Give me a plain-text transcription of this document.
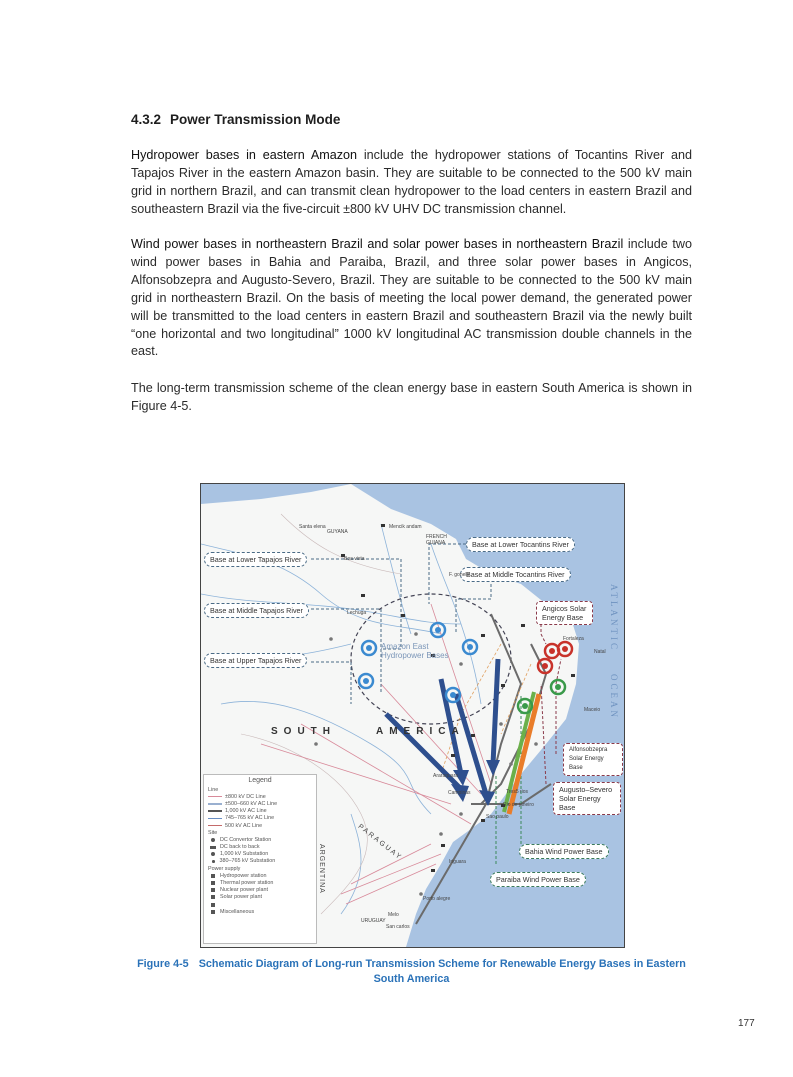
4.3.2 Power Transmission Mode

Hydropower bases in eastern Amazon include the hydropower stations of Tocantins River and Tapajos River in the eastern Amazon basin. They are suitable to be connected to the 500 kV main grid in northern Brazil, and can transmit clean hydropower to the load centers in eastern Brazil and southeastern Brazil via the five-circuit ±800 kV UHV DC transmission channel.

Wind power bases in northeastern Brazil and solar power bases in northeastern Brazil include two wind power bases in Bahia and Paraiba, Brazil, and three solar power bases in Angicos, Alfonsobzepra and Augusto-Severo, Brazil. They are suitable to be connected to the 500 kV main grid in northeastern Brazil. On the basis of meeting the local power demand, the generated power will be transmitted to the load centers in eastern Brazil and southeastern Brazil via the newly built “one horizontal and two longitudinal” 1000 kV longitudinal AC transmission double channels in the east.

The long-term transmission scheme of the clean energy base in eastern South America is shown in Figure 4-5.

Base at Lower Tapajos River
Base at Middle Tapajos River
Base at Upper Tapajos River
Base at Lower Tocantins River
Base at Middle Tocantins River
Angicos Solar Energy Base
Alfonsobzepra Solar Energy Base
Augusto–Severo Solar Energy Base
Bahia Wind Power Base
Paraiba Wind Power Base
SOUTH	AMERICA
ATLANTIC
OCEAN
Amazon East Hydropower Bases
GUYANA
FRENCH GUIANA
PARAGUAY
ARGENTINA
URUGUAY
Santa elena	Mencik andam
Boa vista
F. gonelo
Lechuga
Fortaleza
Natal
Maceio
Araraquara
Campinas	Tres5 rios
Rio de janeiro
Sao paulo
Iriguara
Porto alegre
Melo
San carlos
Legend
Line
±800 kV DC Line
±500–660 kV AC Line
1,000 kV AC Line
745–765 kV AC Line
500 kV AC Line
Site
DC Convertor Station
DC back to back
1,000 kV Substation
380–765 kV Substation
Power supply
Hydropower station
Thermal power station
Nuclear power plant
Solar power plant
Miscellaneous
Figure 4-5 Schematic Diagram of Long-run Transmission Scheme for Renewable Energy Bases in Eastern South America
177
